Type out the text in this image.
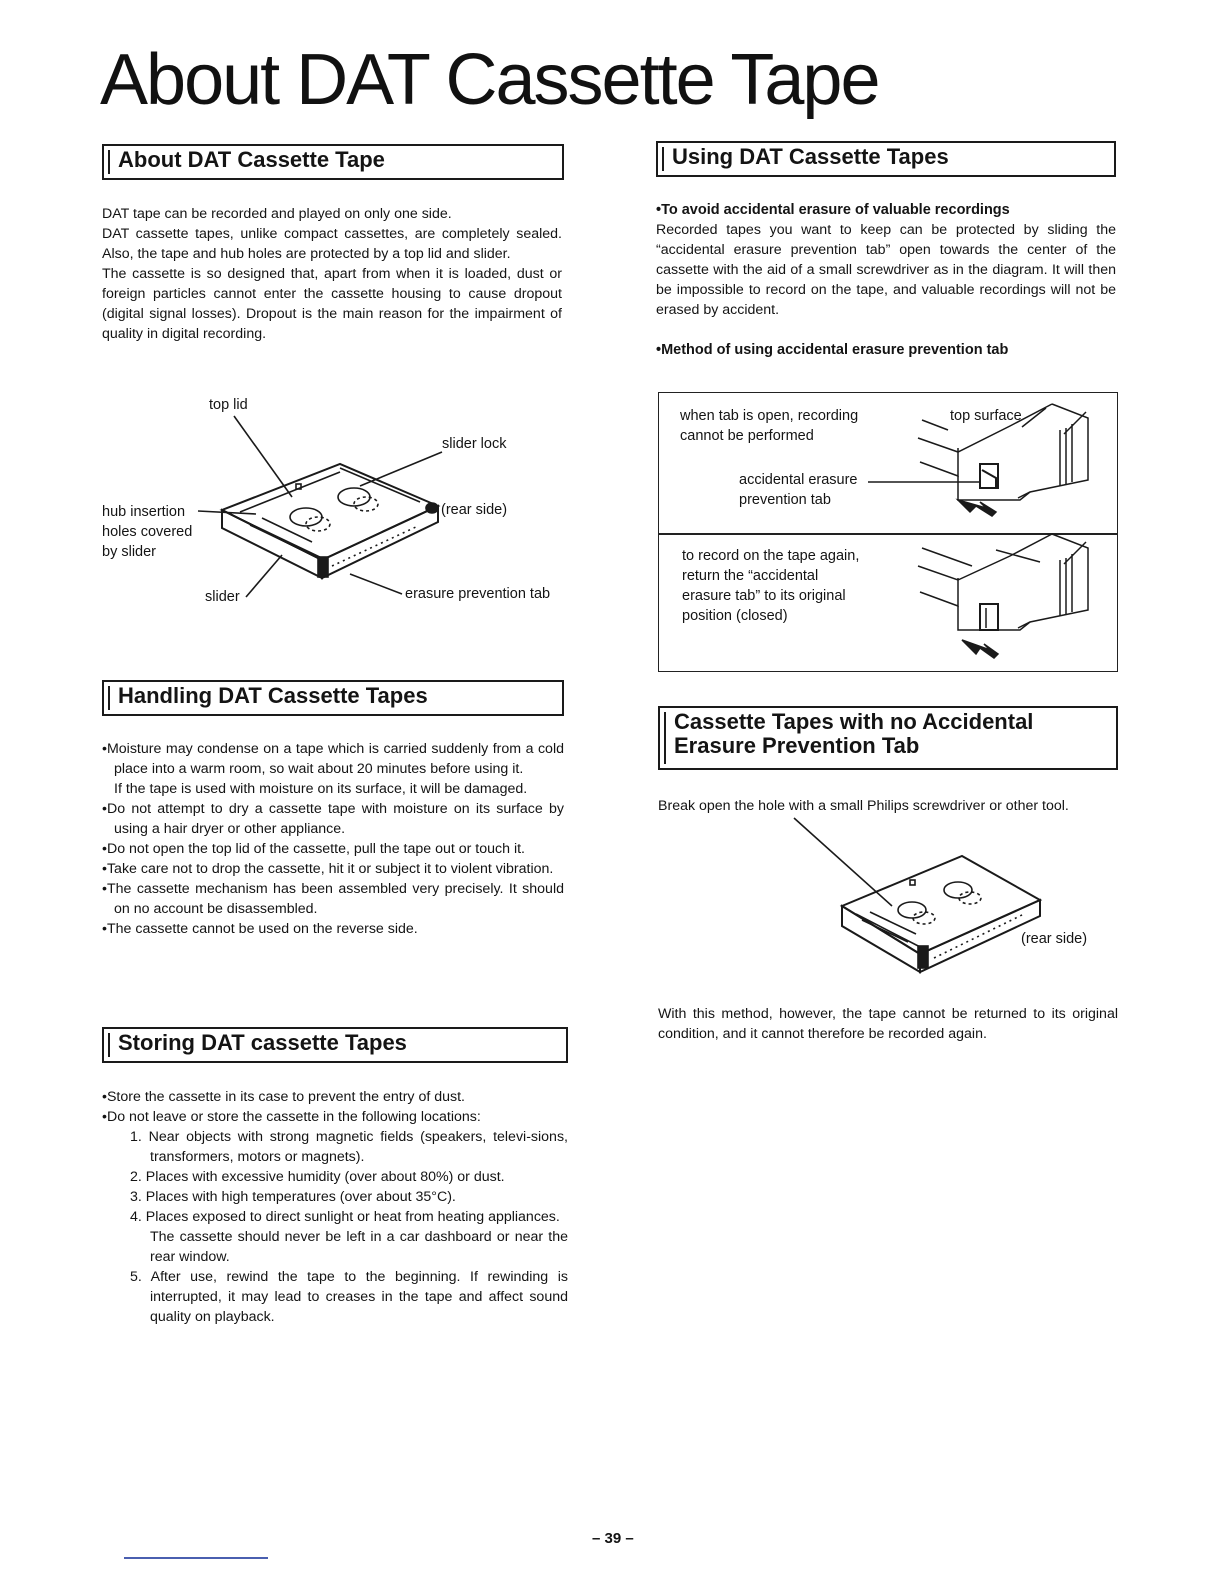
About DAT Cassette Tape
About DAT Cassette Tape

DAT tape can be recorded and played on only one side.

DAT cassette tapes, unlike compact cassettes, are completely sealed. Also, the tape and hub holes are protected by a top lid and slider.

The cassette is so designed that, apart from when it is loaded, dust or foreign particles cannot enter the cassette housing to cause dropout (digital signal losses). Dropout is the main reason for the impairment of quality in digital recording.

top lid
slider lock
hub insertion
holes covered
by slider
(rear side)
slider	erasure prevention tab
Handling DAT Cassette Tapes
•Moisture may condense on a tape which is carried suddenly from a cold place into a warm room, so wait about 20 minutes before using it.
If the tape is used with moisture on its surface, it will be damaged.
•Do not attempt to dry a cassette tape with moisture on its surface by using a hair dryer or other appliance.
•Do not open the top lid of the cassette, pull the tape out or touch it.
•Take care not to drop the cassette, hit it or subject it to violent vibration.
•The cassette mechanism has been assembled very precisely. It should on no account be disassembled.
•The cassette cannot be used on the reverse side.
Storing DAT cassette Tapes
•Store the cassette in its case to prevent the entry of dust.
•Do not leave or store the cassette in the following locations:
1. Near objects with strong magnetic fields (speakers, televi-sions, transformers, motors or magnets).
2. Places with excessive humidity (over about 80%) or dust.
3. Places with high temperatures (over about 35°C).
4. Places exposed to direct sunlight or heat from heating appliances.
The cassette should never be left in a car dashboard or near the rear window.
5. After use, rewind the tape to the beginning. If rewinding is interrupted, it may lead to creases in the tape and affect sound quality on playback.
Using DAT Cassette Tapes
•To avoid accidental erasure of valuable recordings

Recorded tapes you want to keep can be protected by sliding the “accidental erasure prevention tab” open towards the center of the cassette with the aid of a small screwdriver as in the diagram. It will then be impossible to record on the tape, and valuable recordings will not be erased by accident.

•Method of using accidental erasure prevention tab
when tab is open, recording
cannot be performed
top surface
accidental erasure
prevention tab
to record on the tape again,
return the “accidental
erasure tab” to its original
position (closed)
Cassette Tapes with no Accidental
Erasure Prevention Tab

Break open the hole with a small Philips screwdriver or other tool.

(rear side)

With this method, however, the tape cannot be returned to its original condition, and it cannot therefore be recorded again.

– 39 –
